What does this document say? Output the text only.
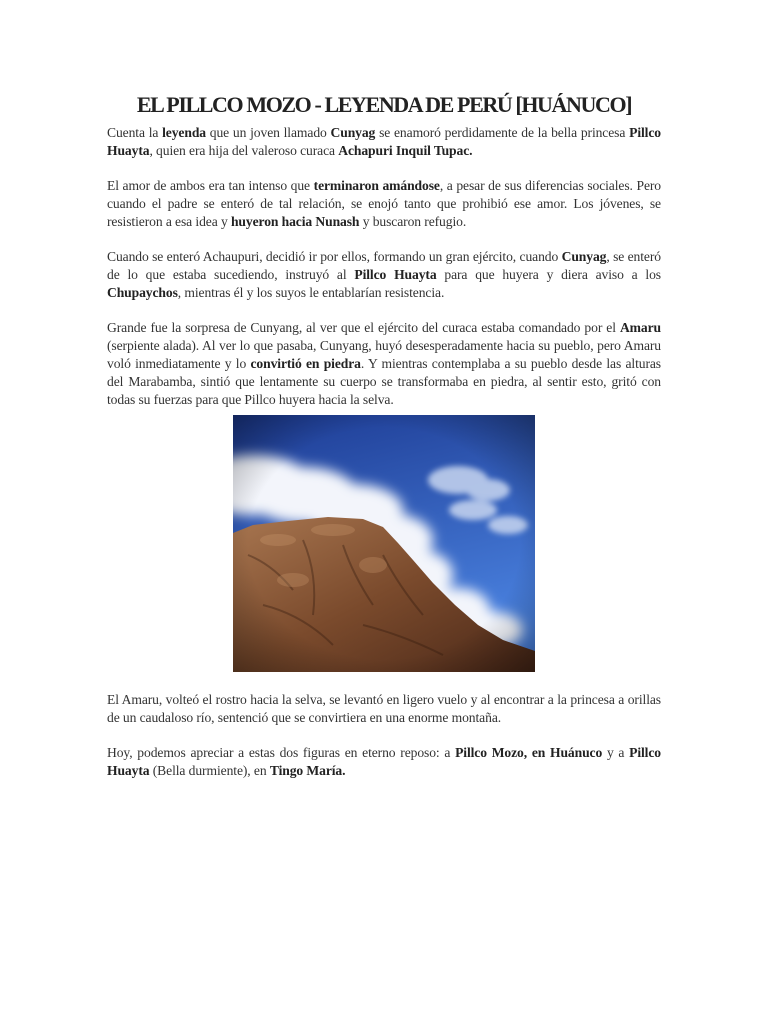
EL PILLCO MOZO - LEYENDA DE PERÚ [HUÁNUCO]

Cuenta la leyenda que un joven llamado Cunyag se enamoró perdidamente de la bella princesa Pillco Huayta, quien era hija del valeroso curaca Achapuri Inquil Tupac.

El amor de ambos era tan intenso que terminaron amándose, a pesar de sus diferencias sociales. Pero cuando el padre se enteró de tal relación, se enojó tanto que prohibió ese amor. Los jóvenes, se resistieron a esa idea y huyeron hacia Nunash y buscaron refugio.

Cuando se enteró Achaupuri, decidió ir por ellos, formando un gran ejército, cuando Cunyag, se enteró de lo que estaba sucediendo, instruyó al Pillco Huayta para que huyera y diera aviso a los Chupaychos, mientras él y los suyos le entablarían resistencia.

Grande fue la sorpresa de Cunyang, al ver que el ejército del curaca estaba comandado por el Amaru (serpiente alada). Al ver lo que pasaba, Cunyang, huyó desesperadamente hacia su pueblo, pero Amaru voló inmediatamente y lo convirtió en piedra. Y mientras contemplaba a su pueblo desde las alturas del Marabamba, sintió que lentamente su cuerpo se transformaba en piedra, al sentir esto, gritó con todas su fuerzas para que Pillco huyera hacia la selva.

El Amaru, volteó el rostro hacia la selva, se levantó en ligero vuelo y al encontrar a la princesa a orillas de un caudaloso río, sentenció que se convirtiera en una enorme montaña.

Hoy, podemos apreciar a estas dos figuras en eterno reposo: a Pillco Mozo, en Huánuco y a Pillco Huayta (Bella durmiente), en Tingo María.
